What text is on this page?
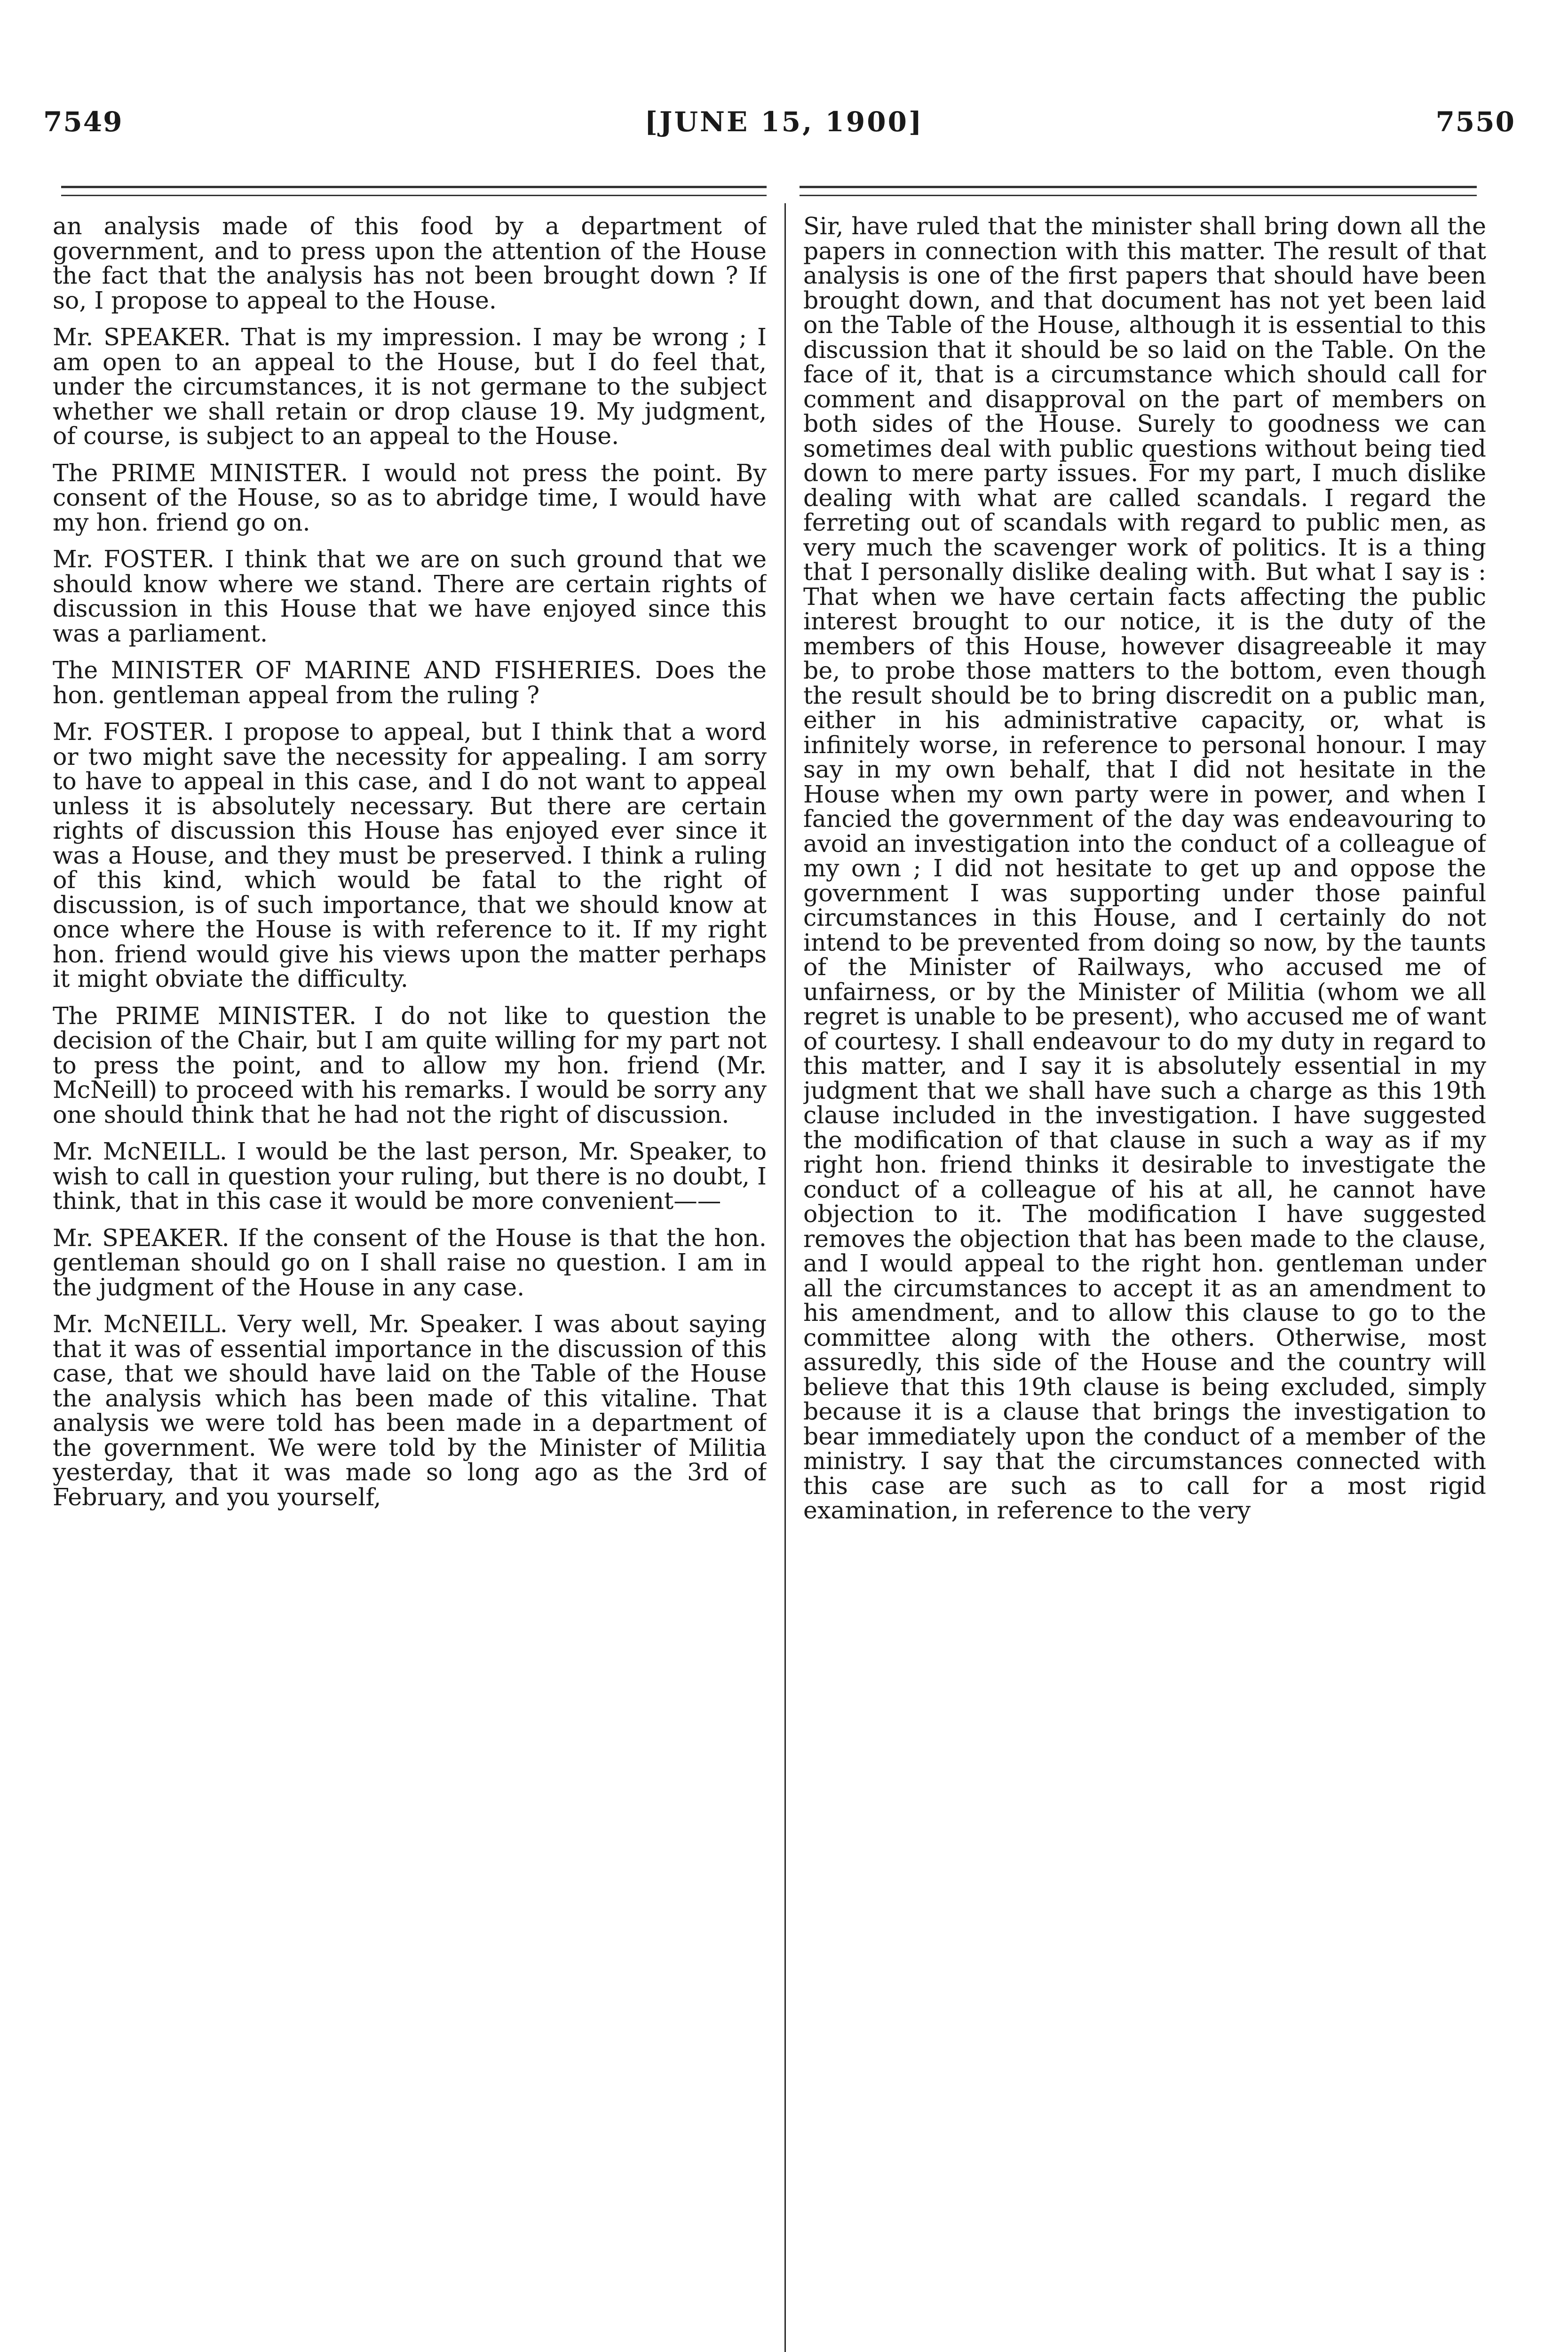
7549	[JUNE 15, 1900]	7550

an analysis made of this food by a department of government, and to press upon the attention of the House the fact that the analysis has not been brought down ? If so, I propose to appeal to the House.

Mr. SPEAKER. That is my impression. I may be wrong ; I am open to an appeal to the House, but I do feel that, under the circumstances, it is not germane to the subject whether we shall retain or drop clause 19. My judgment, of course, is subject to an appeal to the House.

The PRIME MINISTER. I would not press the point. By consent of the House, so as to abridge time, I would have my hon. friend go on.

Mr. FOSTER. I think that we are on such ground that we should know where we stand. There are certain rights of discussion in this House that we have enjoyed since this was a parliament.

The MINISTER OF MARINE AND FISHERIES. Does the hon. gentleman appeal from the ruling ?

Mr. FOSTER. I propose to appeal, but I think that a word or two might save the necessity for appealing. I am sorry to have to appeal in this case, and I do not want to appeal unless it is absolutely necessary. But there are certain rights of discussion this House has enjoyed ever since it was a House, and they must be preserved. I think a ruling of this kind, which would be fatal to the right of discussion, is of such importance, that we should know at once where the House is with reference to it. If my right hon. friend would give his views upon the matter perhaps it might obviate the difficulty.

The PRIME MINISTER. I do not like to question the decision of the Chair, but I am quite willing for my part not to press the point, and to allow my hon. friend (Mr. McNeill) to proceed with his remarks. I would be sorry any one should think that he had not the right of discussion.

Mr. McNEILL. I would be the last person, Mr. Speaker, to wish to call in question your ruling, but there is no doubt, I think, that in this case it would be more convenient——

Mr. SPEAKER. If the consent of the House is that the hon. gentleman should go on I shall raise no question. I am in the judgment of the House in any case.

Mr. McNEILL. Very well, Mr. Speaker. I was about saying that it was of essential importance in the discussion of this case, that we should have laid on the Table of the House the analysis which has been made of this vitaline. That analysis we were told has been made in a department of the government. We were told by the Minister of Militia yesterday, that it was made so long ago as the 3rd of February, and you yourself,

Sir, have ruled that the minister shall bring down all the papers in connection with this matter. The result of that analysis is one of the first papers that should have been brought down, and that document has not yet been laid on the Table of the House, although it is essential to this discussion that it should be so laid on the Table. On the face of it, that is a circumstance which should call for comment and disapproval on the part of members on both sides of the House. Surely to goodness we can sometimes deal with public questions without being tied down to mere party issues. For my part, I much dislike dealing with what are called scandals. I regard the ferreting out of scandals with regard to public men, as very much the scavenger work of politics. It is a thing that I personally dislike dealing with. But what I say is : That when we have certain facts affecting the public interest brought to our notice, it is the duty of the members of this House, however disagreeable it may be, to probe those matters to the bottom, even though the result should be to bring discredit on a public man, either in his administrative capacity, or, what is infinitely worse, in reference to personal honour. I may say in my own behalf, that I did not hesitate in the House when my own party were in power, and when I fancied the government of the day was endeavouring to avoid an investigation into the conduct of a colleague of my own ; I did not hesitate to get up and oppose the government I was supporting under those painful circumstances in this House, and I certainly do not intend to be prevented from doing so now, by the taunts of the Minister of Railways, who accused me of unfairness, or by the Minister of Militia (whom we all regret is unable to be present), who accused me of want of courtesy. I shall endeavour to do my duty in regard to this matter, and I say it is absolutely essential in my judgment that we shall have such a charge as this 19th clause included in the investigation. I have suggested the modification of that clause in such a way as if my right hon. friend thinks it desirable to investigate the conduct of a colleague of his at all, he cannot have objection to it. The modification I have suggested removes the objection that has been made to the clause, and I would appeal to the right hon. gentleman under all the circumstances to accept it as an amendment to his amendment, and to allow this clause to go to the committee along with the others. Otherwise, most assuredly, this side of the House and the country will believe that this 19th clause is being excluded, simply because it is a clause that brings the investigation to bear immediately upon the conduct of a member of the ministry. I say that the circumstances connected with this case are such as to call for a most rigid examination, in reference to the very
